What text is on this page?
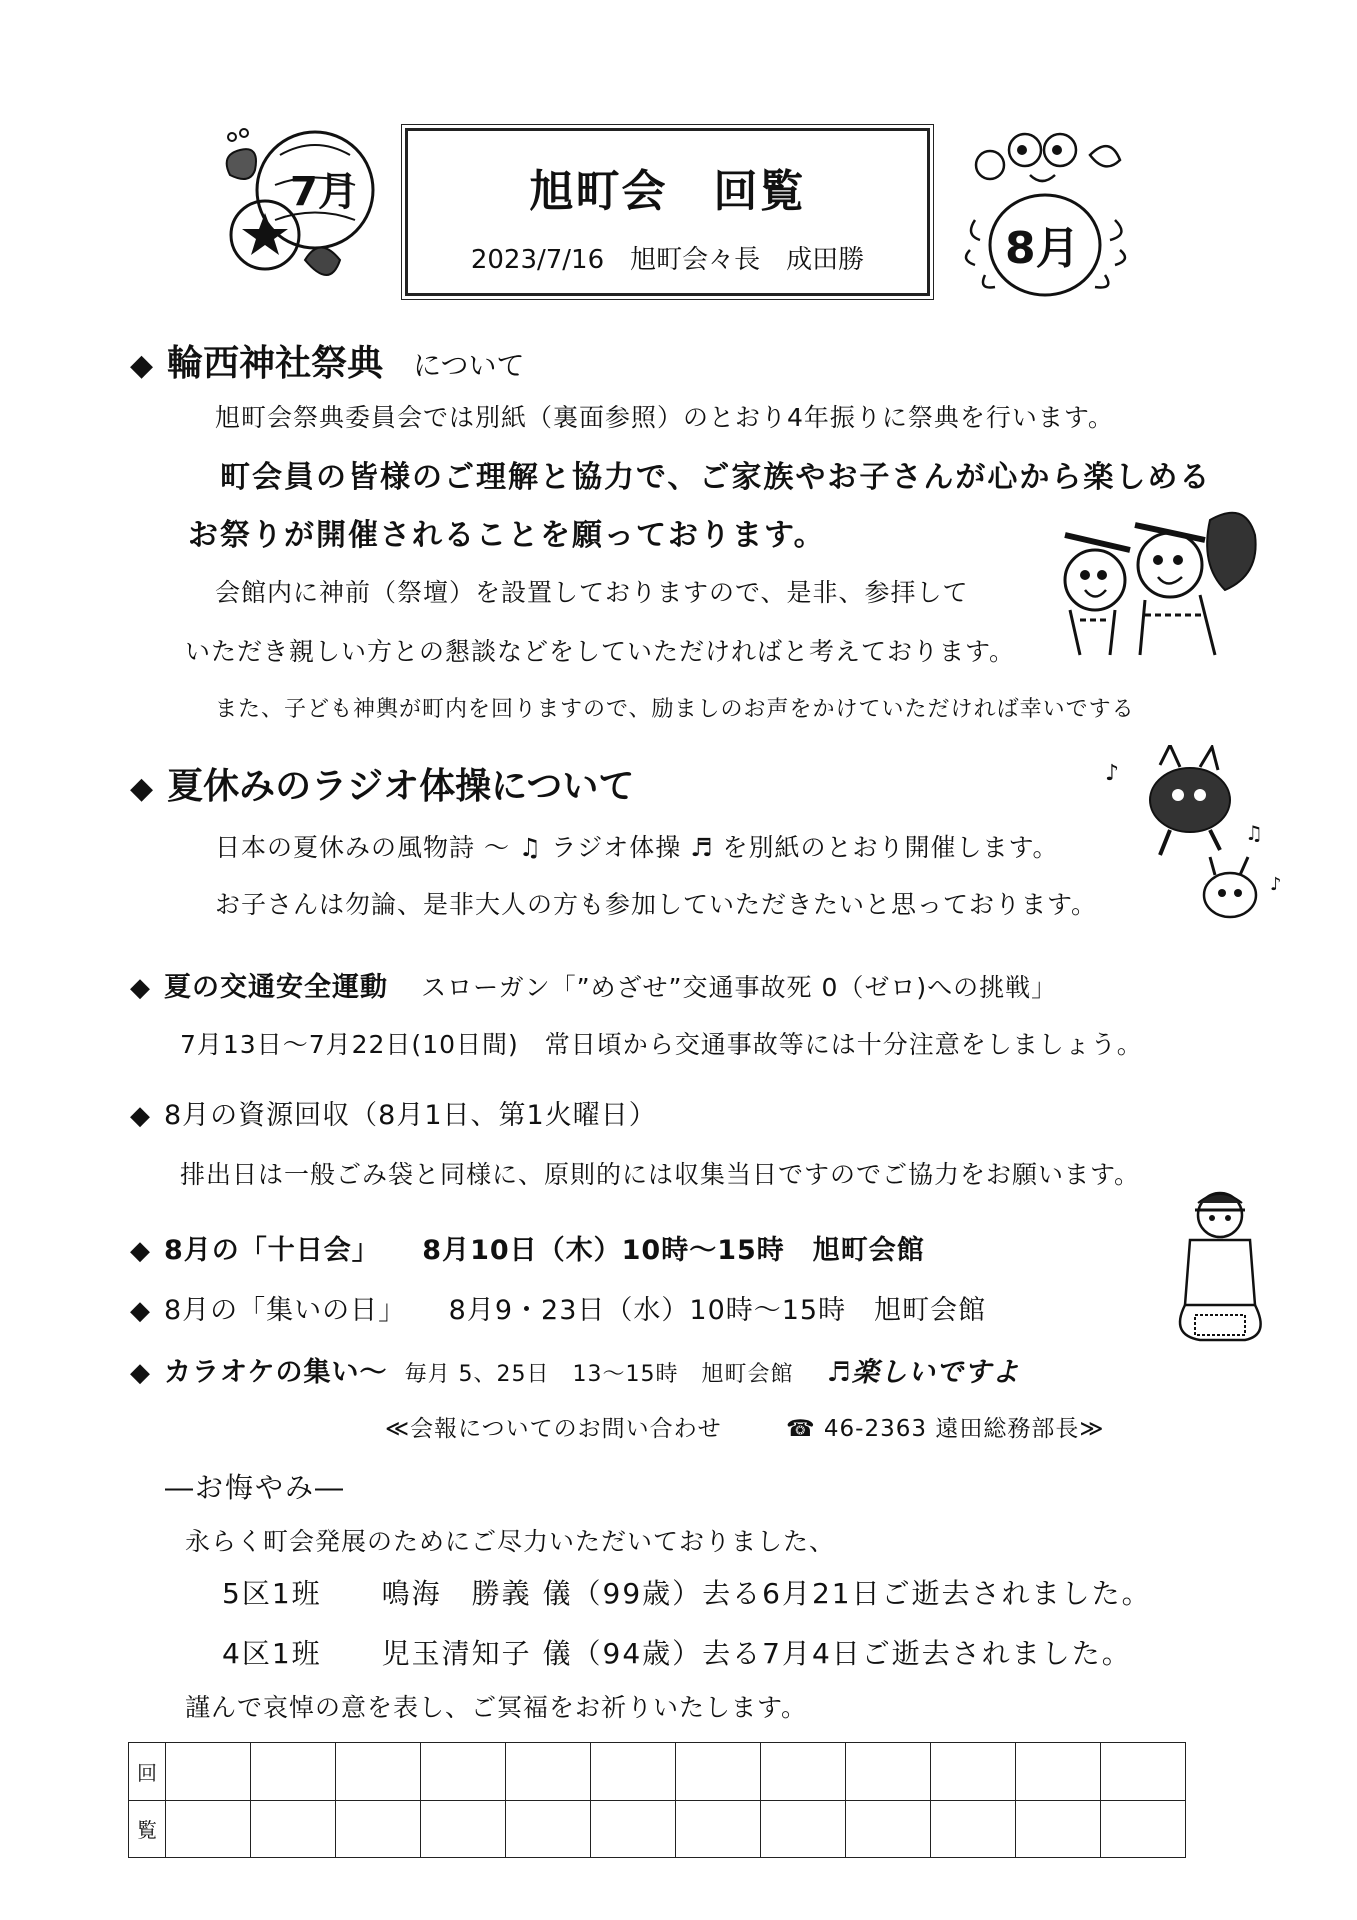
7月	旭町会　回覧
2023/7/16　旭町会々長　成田勝	8月
◆ 輪西神社祭典 について
旭町会祭典委員会では別紙（裏面参照）のとおり4年振りに祭典を行います。
町会員の皆様のご理解と協力で、ご家族やお子さんが心から楽しめる
お祭りが開催されることを願っております。
会館内に神前（祭壇）を設置しておりますので、是非、参拝して
いただき親しい方との懇談などをしていただければと考えております。
また、子ども神輿が町内を回りますので、励ましのお声をかけていただければ幸いでする
◆ 夏休みのラジオ体操について
日本の夏休みの風物詩 ～ ♫ ラジオ体操 ♬ を別紙のとおり開催します。
お子さんは勿論、是非大人の方も参加していただきたいと思っております。
♪
♫
♪
◆ 夏の交通安全運動 スローガン「”めざせ”交通事故死 0（ゼロ)への挑戦」
7月13日～7月22日(10日間)　常日頃から交通事故等には十分注意をしましょう。
◆ 8月の資源回収（8月1日、第1火曜日）
排出日は一般ごみ袋と同様に、原則的には収集当日ですのでご協力をお願います。
◆ 8月の「十日会」　　8月10日（木）10時～15時　旭町会館
◆ 8月の「集いの日」　　8月9・23日（水）10時～15時　旭町会館
◆ カラオケの集い～ 毎月 5、25日　13～15時　旭町会館 ♬楽しいですよ
≪会報についてのお問い合わせ	☎ 46-2363 遠田総務部長≫
―お悔やみ―
永らく町会発展のためにご尽力いただいておりました、
5区1班　　鳴海　勝義 儀（99歳）去る6月21日ご逝去されました。
4区1班　　児玉清知子 儀（94歳）去る7月4日ご逝去されました。
謹んで哀悼の意を表し、ご冥福をお祈りいたします。
回												
覧												
